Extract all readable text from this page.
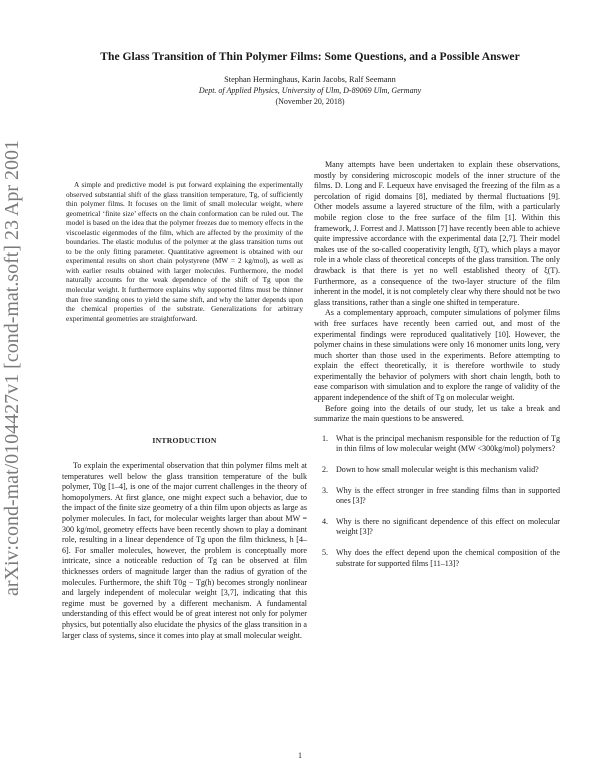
arXiv:cond-mat/0104427v1 [cond-mat.soft] 23 Apr 2001
The Glass Transition of Thin Polymer Films: Some Questions, and a Possible Answer
Stephan Herminghaus, Karin Jacobs, Ralf Seemann
Dept. of Applied Physics, University of Ulm, D-89069 Ulm, Germany
(November 20, 2018)

A simple and predictive model is put forward explaining the experimentally observed substantial shift of the glass transition temperature, Tg, of sufficiently thin polymer films. It focuses on the limit of small molecular weight, where geometrical ‘finite size’ effects on the chain conformation can be ruled out. The model is based on the idea that the polymer freezes due to memory effects in the viscoelastic eigenmodes of the film, which are affected by the proximity of the boundaries. The elastic modulus of the polymer at the glass transition turns out to be the only fitting parameter. Quantitative agreement is obtained with our experimental results on short chain polystyrene (MW = 2 kg/mol), as well as with earlier results obtained with larger molecules. Furthermore, the model naturally accounts for the weak dependence of the shift of Tg upon the molecular weight. It furthermore explains why supported films must be thinner than free standing ones to yield the same shift, and why the latter depends upon the chemical properties of the substrate. Generalizations for arbitrary experimental geometries are straightforward.

INTRODUCTION

To explain the experimental observation that thin polymer films melt at temperatures well below the glass transition temperature of the bulk polymer, T0g [1–4], is one of the major current challenges in the theory of homopolymers. At first glance, one might expect such a behavior, due to the impact of the finite size geometry of a thin film upon objects as large as polymer molecules. In fact, for molecular weights larger than about MW = 300 kg/mol, geometry effects have been recently shown to play a dominant role, resulting in a linear dependence of Tg upon the film thickness, h [4–6]. For smaller molecules, however, the problem is conceptually more intricate, since a noticeable reduction of Tg can be observed at film thicknesses orders of magnitude larger than the radius of gyration of the molecules. Furthermore, the shift T0g − Tg(h) becomes strongly nonlinear and largely independent of molecular weight [3,7], indicating that this regime must be governed by a different mechanism. A fundamental understanding of this effect would be of great interest not only for polymer physics, but potentially also elucidate the physics of the glass transition in a larger class of systems, since it comes into play at small molecular weight.

Many attempts have been undertaken to explain these observations, mostly by considering microscopic models of the inner structure of the films. D. Long and F. Lequeux have envisaged the freezing of the film as a percolation of rigid domains [8], mediated by thermal fluctuations [9]. Other models assume a layered structure of the film, with a particularly mobile region close to the free surface of the film [1]. Within this framework, J. Forrest and J. Mattsson [7] have recently been able to achieve quite impressive accordance with the experimental data [2,7]. Their model makes use of the so-called cooperativity length, ξ(T), which plays a mayor role in a whole class of theoretical concepts of the glass transition. The only drawback is that there is yet no well established theory of ξ(T). Furthermore, as a consequence of the two-layer structure of the film inherent in the model, it is not completely clear why there should not be two glass transitions, rather than a single one shifted in temperature.

As a complementary approach, computer simulations of polymer films with free surfaces have recently been carried out, and most of the experimental findings were reproduced qualitatively [10]. However, the polymer chains in these simulations were only 16 monomer units long, very much shorter than those used in the experiments. Before attempting to explain the effect theoretically, it is therefore worthwile to study experimentally the behavior of polymers with short chain length, both to ease comparison with simulation and to explore the range of validity of the apparent independence of the shift of Tg on molecular weight.

Before going into the details of our study, let us take a break and summarize the main questions to be answered.

1. What is the principal mechanism responsible for the reduction of Tg in thin films of low molecular weight (MW <300kg/mol) polymers?
2. Down to how small molecular weight is this mechanism valid?
3. Why is the effect stronger in free standing films than in supported ones [3]?
4. Why is there no significant dependence of this effect on molecular weight [3]?
5. Why does the effect depend upon the chemical composition of the substrate for supported films [11–13]?
1
